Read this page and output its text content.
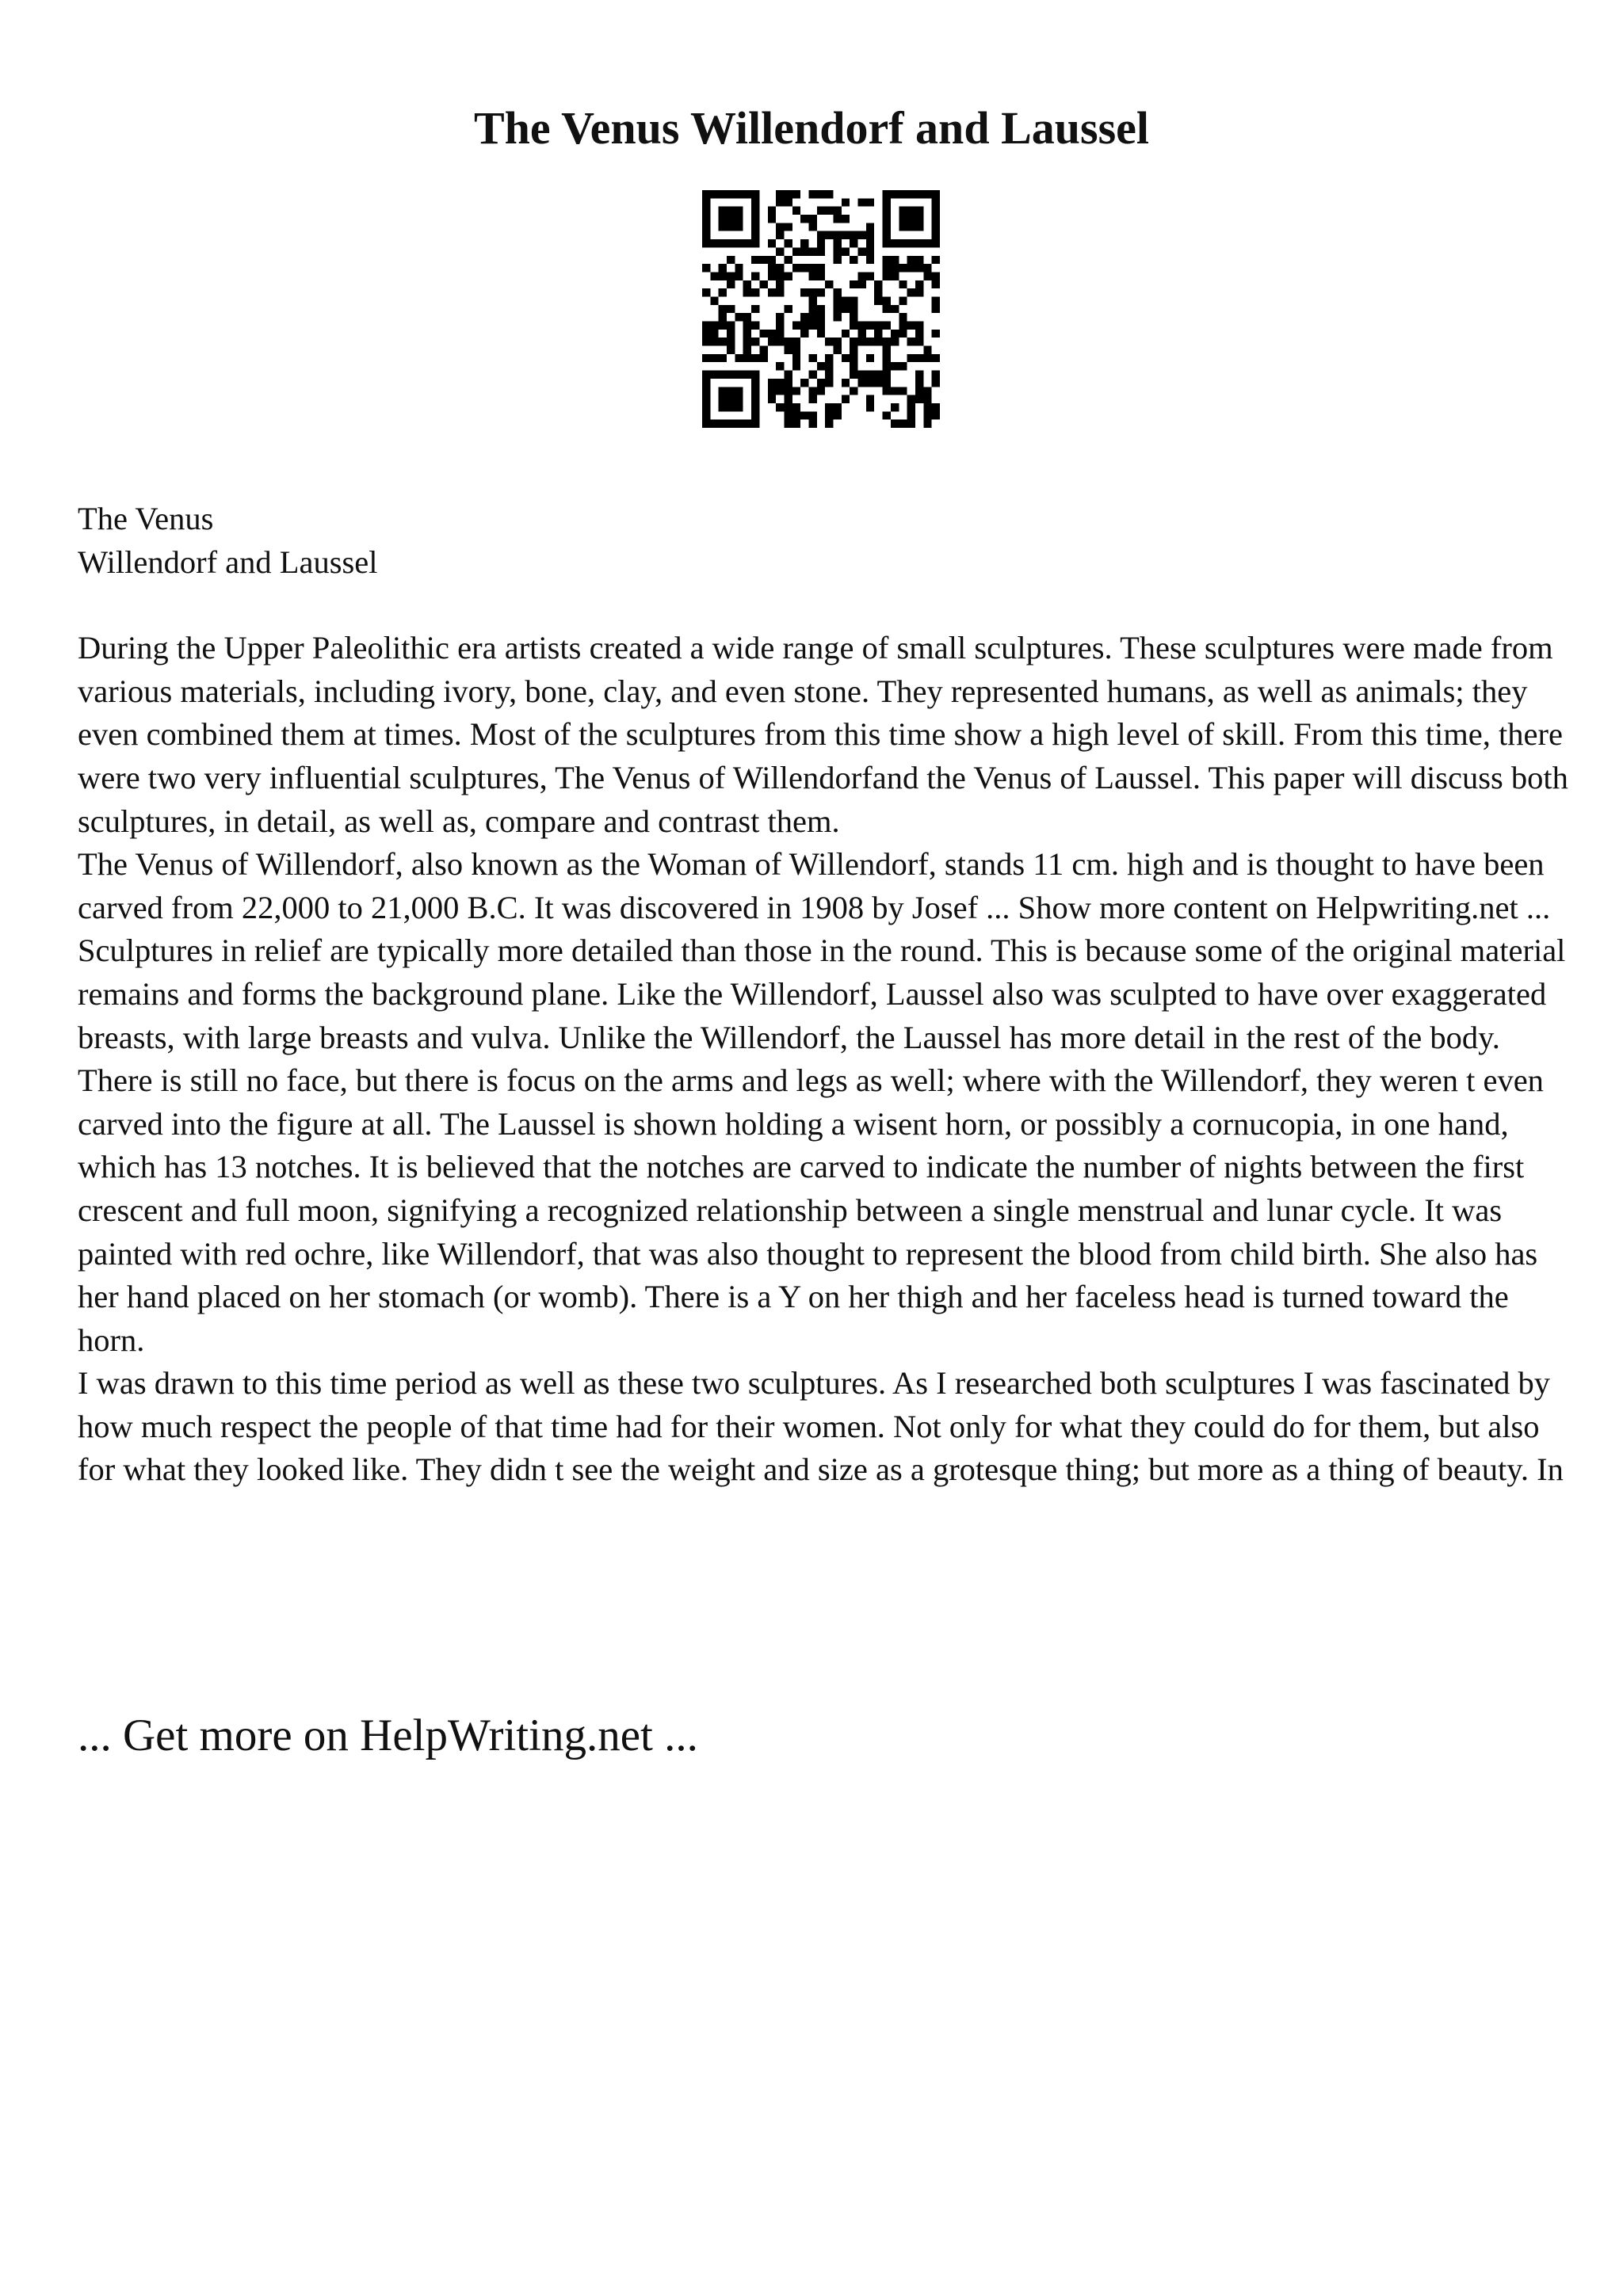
The Venus Willendorf and Laussel

The Venus
Willendorf and Laussel

During the Upper Paleolithic era artists created a wide range of small sculptures. These sculptures were made from various materials, including ivory, bone, clay, and even stone. They represented humans, as well as animals; they even combined them at times. Most of the sculptures from this time show a high level of skill. From this time, there were two very influential sculptures, The Venus of Willendorfand the Venus of Laussel. This paper will discuss both sculptures, in detail, as well as, compare and contrast them.

The Venus of Willendorf, also known as the Woman of Willendorf, stands 11 cm. high and is thought to have been carved from 22,000 to 21,000 B.C. It was discovered in 1908 by Josef ... Show more content on Helpwriting.net ...

Sculptures in relief are typically more detailed than those in the round. This is because some of the original material remains and forms the background plane. Like the Willendorf, Laussel also was sculpted to have over exaggerated breasts, with large breasts and vulva. Unlike the Willendorf, the Laussel has more detail in the rest of the body. There is still no face, but there is focus on the arms and legs as well; where with the Willendorf, they weren t even carved into the figure at all. The Laussel is shown holding a wisent horn, or possibly a cornucopia, in one hand, which has 13 notches. It is believed that the notches are carved to indicate the number of nights between the first crescent and full moon, signifying a recognized relationship between a single menstrual and lunar cycle. It was painted with red ochre, like Willendorf, that was also thought to represent the blood from child birth. She also has her hand placed on her stomach (or womb). There is a Y on her thigh and her faceless head is turned toward the horn.

I was drawn to this time period as well as these two sculptures. As I researched both sculptures I was fascinated by how much respect the people of that time had for their women. Not only for what they could do for them, but also for what they looked like. They didn t see the weight and size as a grotesque thing; but more as a thing of beauty. In

... Get more on HelpWriting.net ...
